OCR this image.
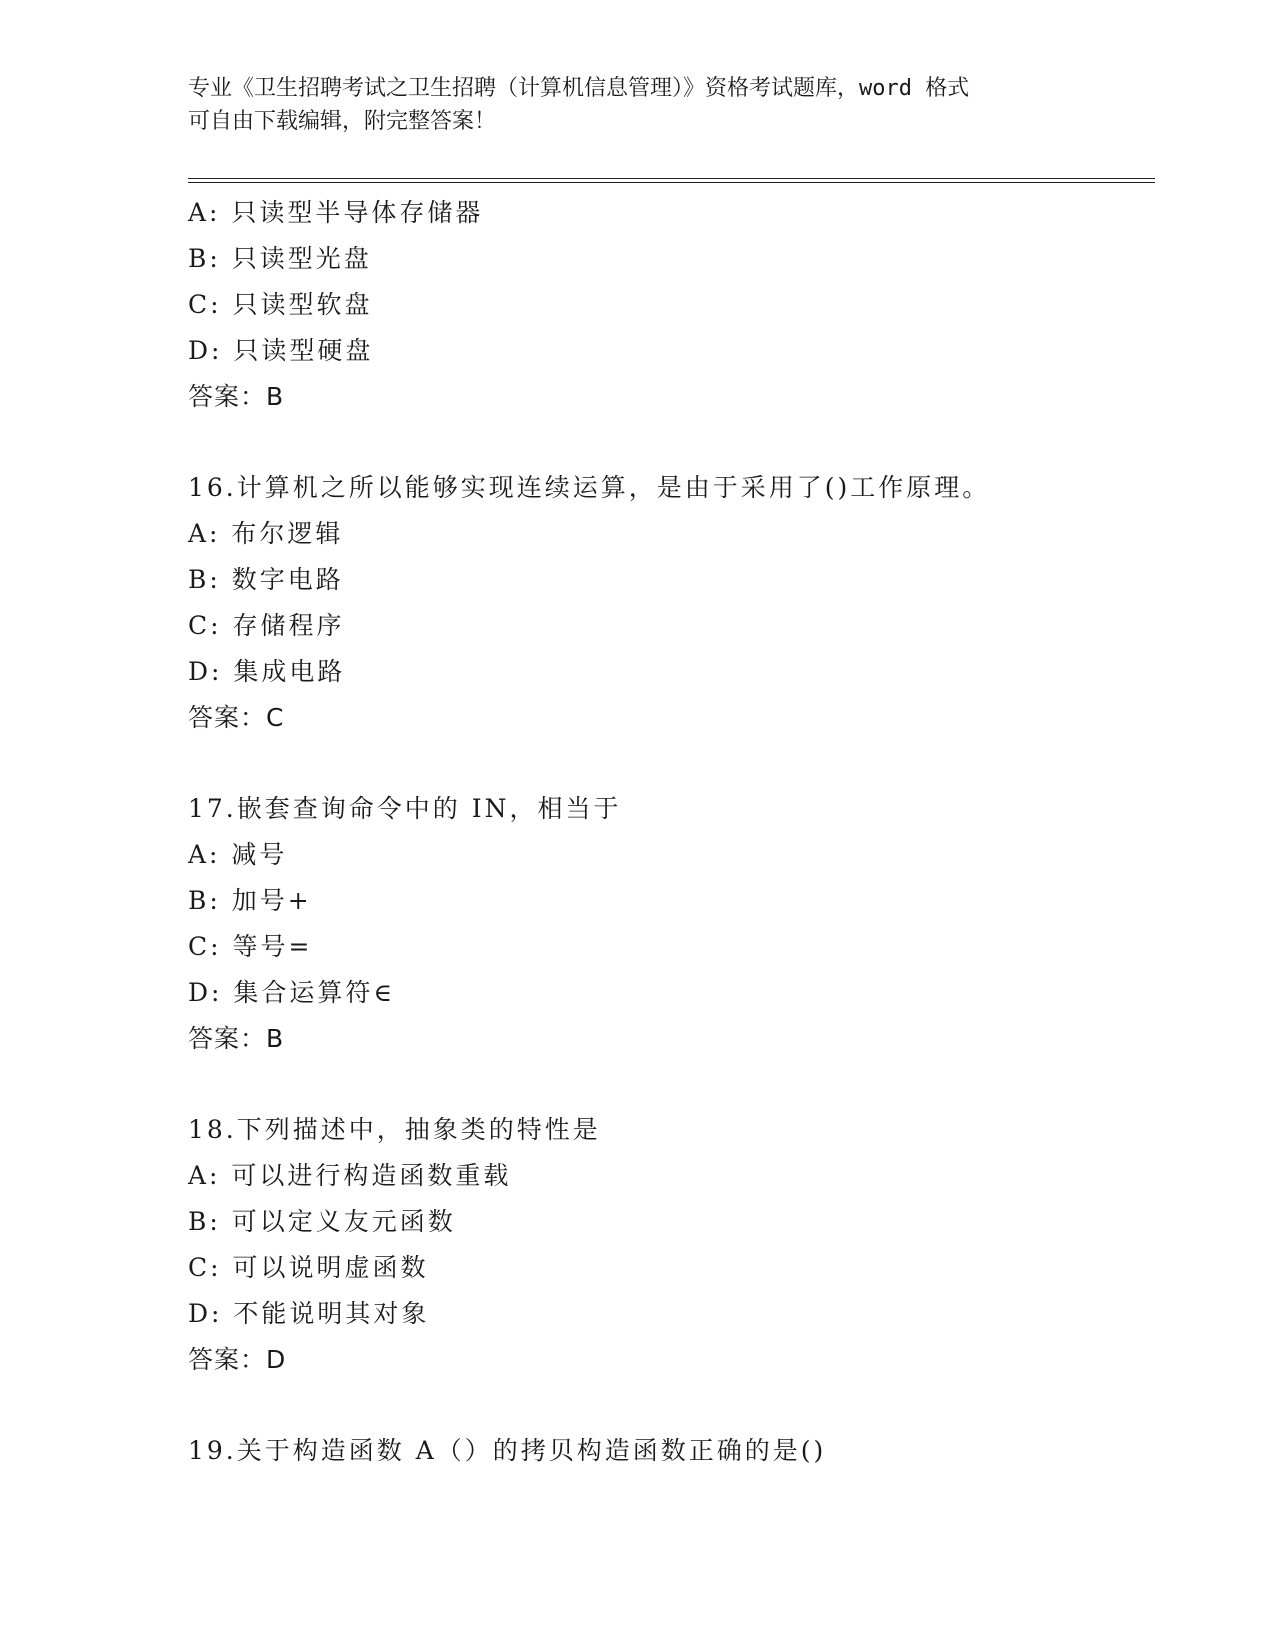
专业《卫生招聘考试之卫生招聘（计算机信息管理）》资格考试题库，word 格式
可自由下载编辑，附完整答案！
A: 只读型半导体存储器
B: 只读型光盘
C: 只读型软盘
D: 只读型硬盘
答案：B
16.计算机之所以能够实现连续运算，是由于采用了()工作原理。
A: 布尔逻辑
B: 数字电路
C: 存储程序
D: 集成电路
答案：C
17.嵌套查询命令中的 IN，相当于
A: 减号
B: 加号+
C: 等号=
D: 集合运算符∈
答案：B
18.下列描述中，抽象类的特性是
A: 可以进行构造函数重载
B: 可以定义友元函数
C: 可以说明虚函数
D: 不能说明其对象
答案：D
19.关于构造函数 A（）的拷贝构造函数正确的是()
